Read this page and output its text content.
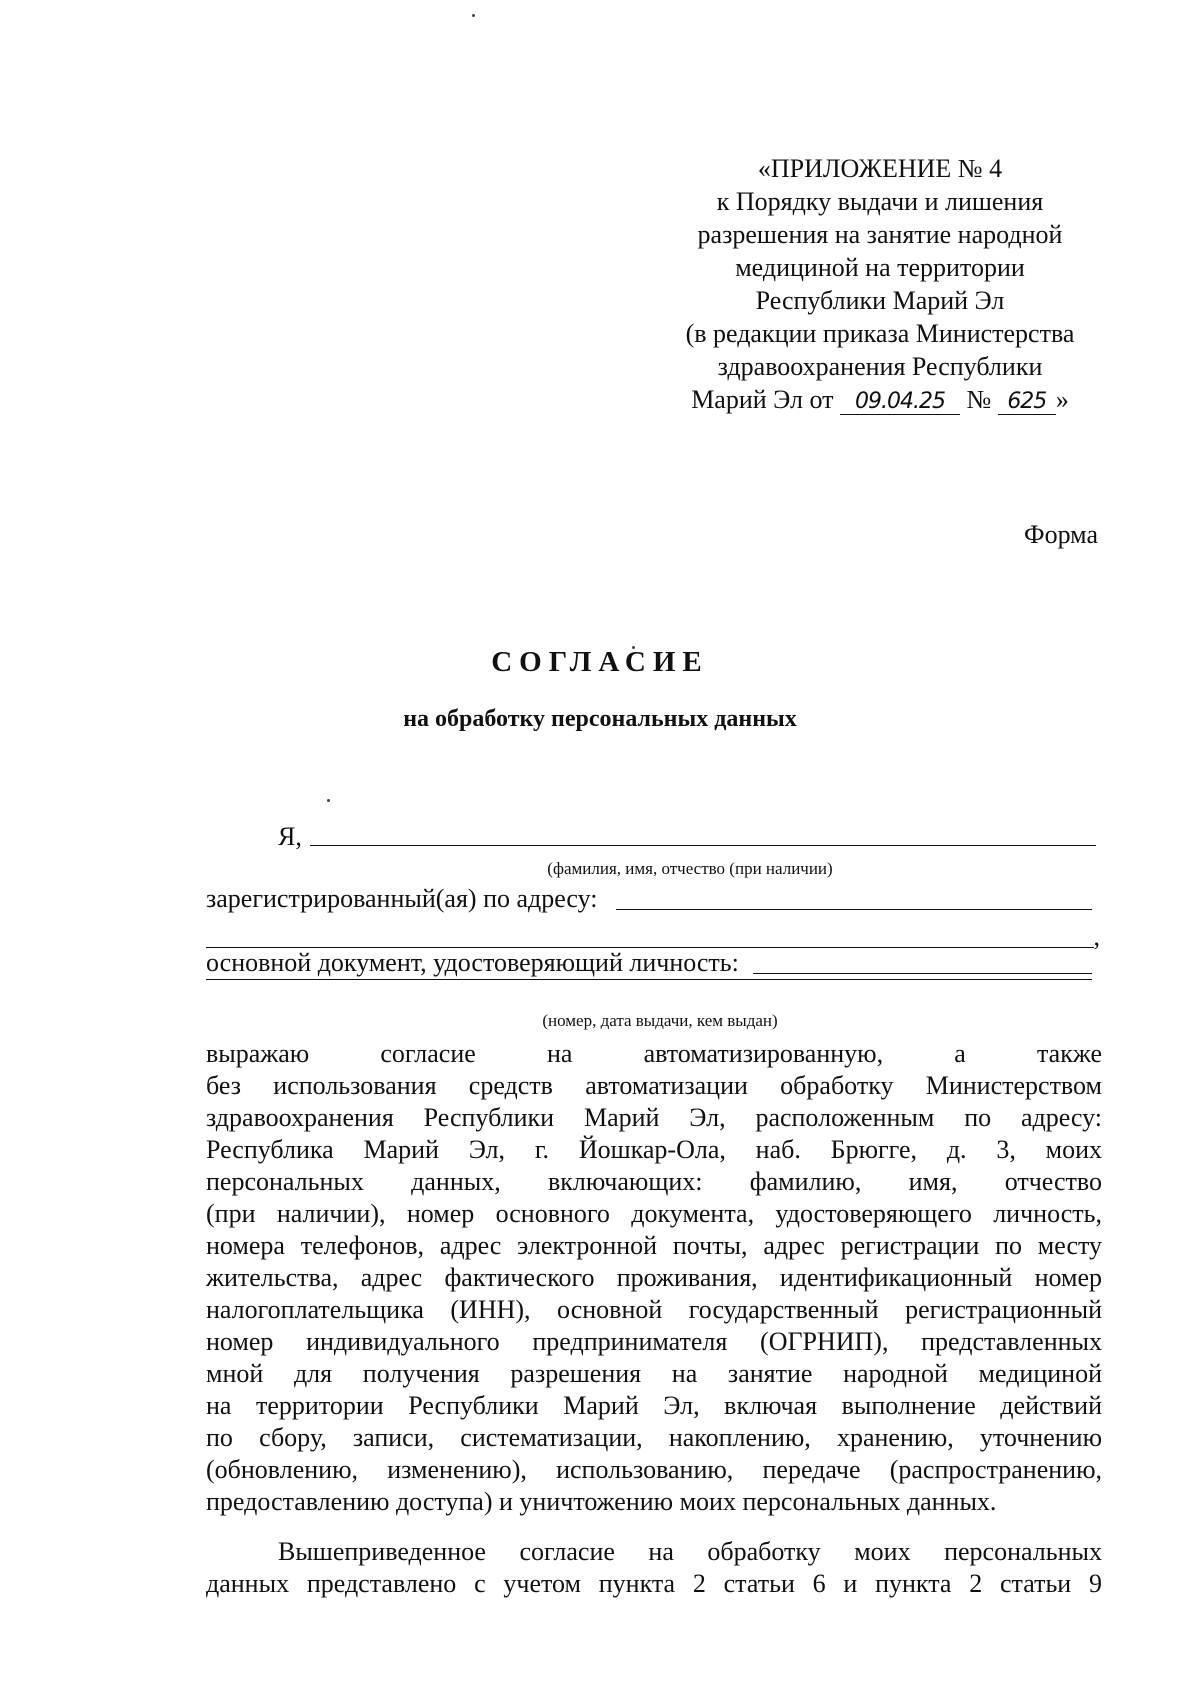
«ПРИЛОЖЕНИЕ № 4
к Порядку выдачи и лишения
разрешения на занятие народной
медициной на территории
Республики Марий Эл
(в редакции приказа Министерства
здравоохранения Республики
Марий Эл от 09.04.25 № 625 »
Форма
СОГЛАСИЕ
на обработку персональных данных
Я,
(фамилия, имя, отчество (при наличии)
зарегистрированный(ая) по адресу:
,
основной документ, удостоверяющий личность:
(номер, дата выдачи, кем выдан)
выражаю согласие на автоматизированную, а также
без использования средств автоматизации обработку Министерством
здравоохранения Республики Марий Эл, расположенным по адресу:
Республика Марий Эл, г. Йошкар-Ола, наб. Брюгге, д. 3, моих
персональных данных, включающих: фамилию, имя, отчество
(при наличии), номер основного документа, удостоверяющего личность,
номера телефонов, адрес электронной почты, адрес регистрации по месту
жительства, адрес фактического проживания, идентификационный номер
налогоплательщика (ИНН), основной государственный регистрационный
номер индивидуального предпринимателя (ОГРНИП), представленных
мной для получения разрешения на занятие народной медициной
на территории Республики Марий Эл, включая выполнение действий
по сбору, записи, систематизации, накоплению, хранению, уточнению
(обновлению, изменению), использованию, передаче (распространению,
предоставлению доступа) и уничтожению моих персональных данных.
Вышеприведенное согласие на обработку моих персональных
данных представлено с учетом пункта 2 статьи 6 и пункта 2 статьи 9
